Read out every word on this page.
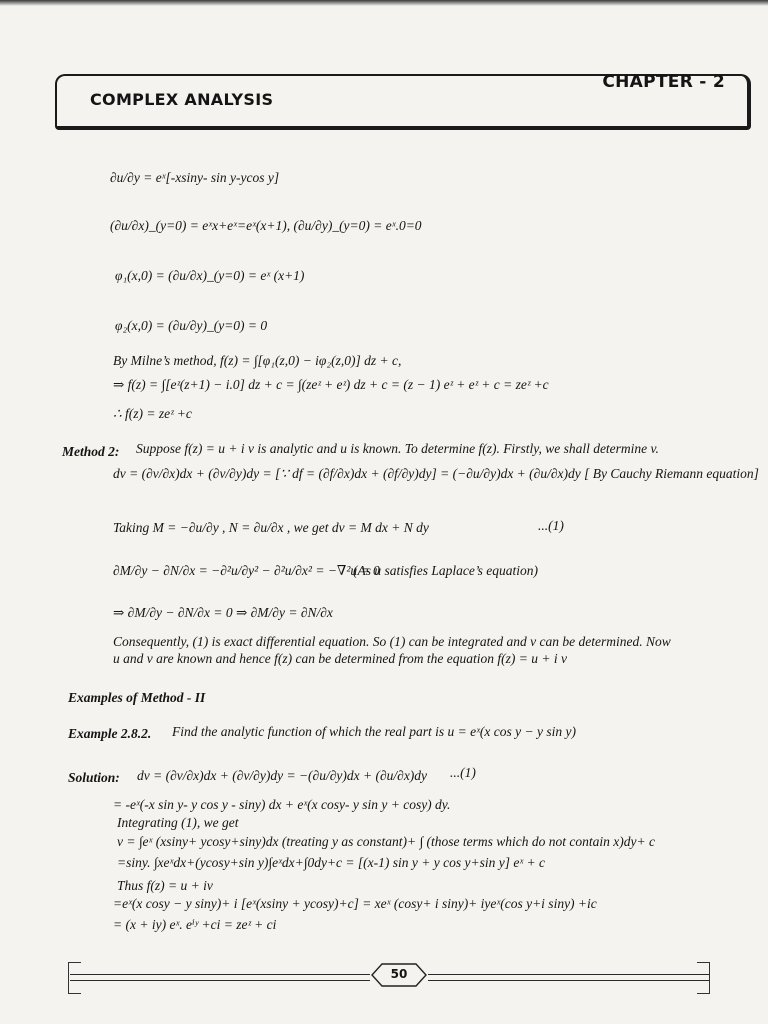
COMPLEX ANALYSIS
CHAPTER - 2
∂u/∂y = eˣ[-xsiny- sin y-ycos y]
(∂u/∂x)_(y=0) = eˣx+eˣ=eˣ(x+1), (∂u/∂y)_(y=0) = eˣ.0=0
φ₁(x,0) = (∂u/∂x)_(y=0) = eˣ (x+1)
φ₂(x,0) = (∂u/∂y)_(y=0) = 0
By Milne’s method, f(z) = ∫[φ₁(z,0) − iφ₂(z,0)] dz + c,
⇒ f(z) = ∫[eᶻ(z+1) − i.0] dz + c = ∫(zeᶻ + eᶻ) dz + c = (z − 1) eᶻ + eᶻ + c = zeᶻ +c
∴ f(z) = zeᶻ +c
Method 2: Suppose f(z) = u + i v is analytic and u is known. To determine f(z). Firstly, we shall determine v.
dv = (∂v/∂x)dx + (∂v/∂y)dy = [∵ df = (∂f/∂x)dx + (∂f/∂y)dy] = (−∂u/∂y)dx + (∂u/∂x)dy [ By Cauchy Riemann equation]
Taking M = −∂u/∂y , N = ∂u/∂x , we get dv = M dx + N dy	...(1)
∂M/∂y − ∂N/∂x = −∂²u/∂y² − ∂²u/∂x² = −∇²u = 0
(As u satisfies Laplace’s equation)
⇒ ∂M/∂y − ∂N/∂x = 0 ⇒ ∂M/∂y = ∂N/∂x
Consequently, (1) is exact differential equation. So (1) can be integrated and v can be determined. Now
u and v are known and hence f(z) can be determined from the equation f(z) = u + i v
Examples of Method - II
Example 2.8.2. Find the analytic function of which the real part is u = eˣ(x cos y − y sin y)
Solution: dv = (∂v/∂x)dx + (∂v/∂y)dy = −(∂u/∂y)dx + (∂u/∂x)dy ...(1)
= -eˣ(-x sin y- y cos y - siny) dx + eˣ(x cosy- y sin y + cosy) dy.
Integrating (1), we get
v = ∫eˣ (xsiny+ ycosy+siny)dx (treating y as constant)+ ∫ (those terms which do not contain x)dy+ c
=siny. ∫xeˣdx+(ycosy+sin y)∫eˣdx+∫0dy+c = [(x-1) sin y + y cos y+sin y] eˣ + c
Thus f(z) = u + iv
=eˣ(x cosy − y siny)+ i [eˣ(xsiny + ycosy)+c] = xeˣ (cosy+ i siny)+ iyeˣ(cos y+i siny) +ic
= (x + iy) eˣ. eⁱʸ +ci = zeᶻ + ci
50
